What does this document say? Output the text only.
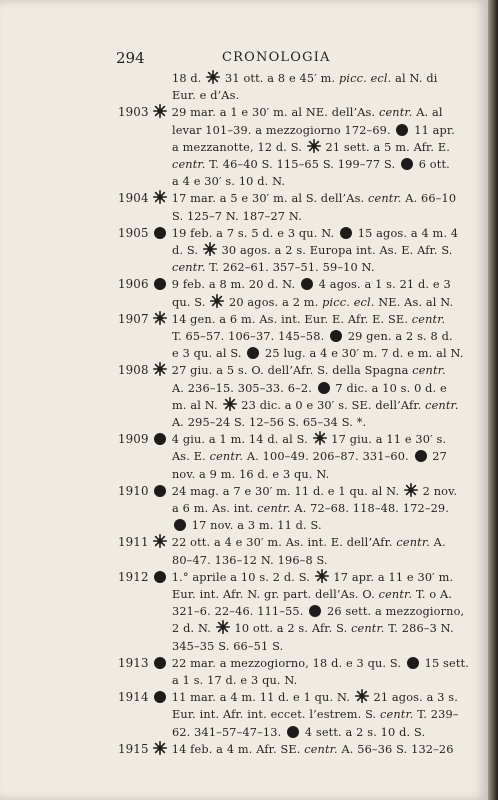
294	CRONOLOGIA
18 d.  31 ott. a 8 e 45′ m. picc. ecl. al N. di
Eur. e d’As.
1903	29 mar. a 1 e 30′ m. al NE. dell’As. centr. A. al
levar 101–39. a mezzogiorno 172–69.  11 apr.
a mezzanotte, 12 d. S.  21 sett. a 5 m. Afr. E.
centr. T. 46–40 S. 115–65 S. 199–77 S.  6 ott.
a 4 e 30′ s. 10 d. N.
1904	17 mar. a 5 e 30′ m. al S. dell’As. centr. A. 66–10
S. 125–7 N. 187–27 N.
1905	19 feb. a 7 s. 5 d. e 3 qu. N.  15 agos. a 4 m. 4
d. S.  30 agos. a 2 s. Europa int. As. E. Afr. S.
centr. T. 262–61. 357–51. 59–10 N.
1906	9 feb. a 8 m. 20 d. N.  4 agos. a 1 s. 21 d. e 3
qu. S.  20 agos. a 2 m. picc. ecl. NE. As. al N.
1907	14 gen. a 6 m. As. int. Eur. E. Afr. E. SE. centr.
T. 65–57. 106–37. 145–58.  29 gen. a 2 s. 8 d.
e 3 qu. al S.  25 lug. a 4 e 30′ m. 7 d. e m. al N.
1908	27 giu. a 5 s. O. dell’Afr. S. della Spagna centr.
A. 236–15. 305–33. 6–2.  7 dic. a 10 s. 0 d. e
m. al N.  23 dic. a 0 e 30′ s. SE. dell’Afr. centr.
A. 295–24 S. 12–56 S. 65–34 S. *.
1909	4 giu. a 1 m. 14 d. al S.  17 giu. a 11 e 30′ s.
As. E. centr. A. 100–49. 206–87. 331–60.  27
nov. a 9 m. 16 d. e 3 qu. N.
1910	24 mag. a 7 e 30′ m. 11 d. e 1 qu. al N.  2 nov.
a 6 m. As. int. centr. A. 72–68. 118–48. 172–29.
17 nov. a 3 m. 11 d. S.
1911	22 ott. a 4 e 30′ m. As. int. E. dell’Afr. centr. A.
80–47. 136–12 N. 196–8 S.
1912	1.° aprile a 10 s. 2 d. S.  17 apr. a 11 e 30′ m.
Eur. int. Afr. N. gr. part. dell’As. O. centr. T. o A.
321–6. 22–46. 111–55.  26 sett. a mezzogiorno,
2 d. N.  10 ott. a 2 s. Afr. S. centr. T. 286–3 N.
345–35 S. 66–51 S.
1913	22 mar. a mezzogiorno, 18 d. e 3 qu. S.  15 sett.
a 1 s. 17 d. e 3 qu. N.
1914	11 mar. a 4 m. 11 d. e 1 qu. N.  21 agos. a 3 s.
Eur. int. Afr. int. eccet. l’estrem. S. centr. T. 239–
62. 341–57–47–13.  4 sett. a 2 s. 10 d. S.
1915	14 feb. a 4 m. Afr. SE. centr. A. 56–36 S. 132–26
